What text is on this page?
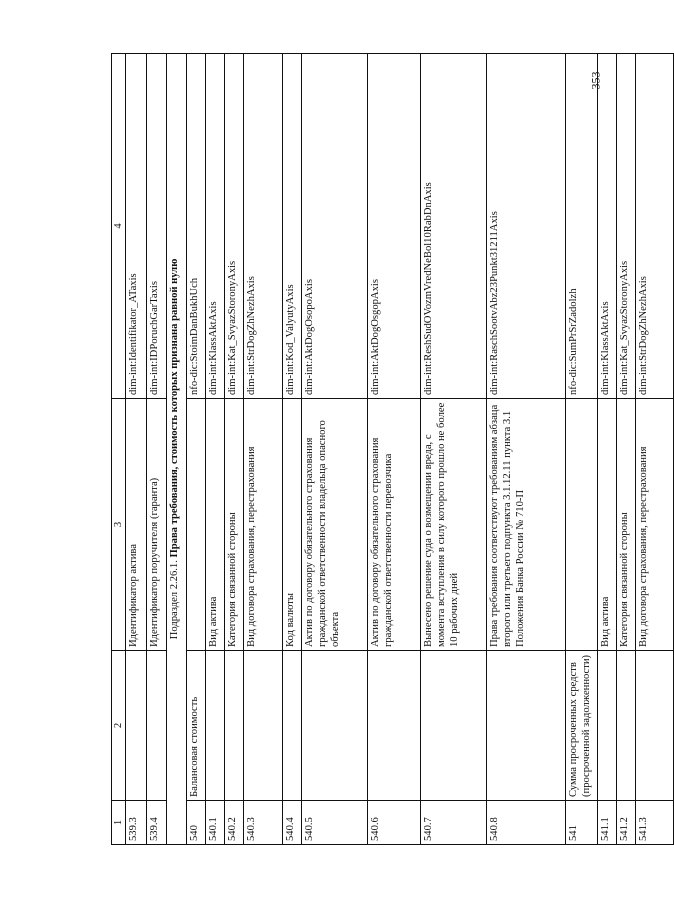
353
1	2	3	4
539.3		Идентификатор актива	dim-int:Identifikator_ATaxis
539.4		Идентификатор поручителя (гаранта)	dim-int:IDPoruchGarTaxis
Подраздел 2.26.1. Права требования, стоимость которых признана равной нулю			
540	Балансовая стоимость		nfo-dic:StoimDanBukhUch
540.1		Вид актива	dim-int:KlassAktAxis
540.2		Категория связанной стороны	dim-int:Kat_SvyazStoronyAxis
540.3		Вид договора страхования, перестрахования	dim-int:StrDogZhNezhAxis
540.4		Код валюты	dim-int:Kod_ValyutyAxis
540.5		Актив по договору обязательного страхования гражданской ответственности владельца опасного объекта	dim-int:AktDogOsopoAxis
540.6		Актив по договору обязательного страхования гражданской ответственности перевозчика	dim-int:AktDogOsgopAxis
540.7		Вынесено решение суда о возмещении вреда, с момента вступления в силу которого прошло не более 10 рабочих дней	dim-int:ReshSudOVozmVredNeBol10RabDnAxis
540.8		Права требования соответствуют требованиям абзаца второго или третьего подпункта 3.1.12.11 пункта 3.1 Положения Банка России № 710-П	dim-int:RaschSootvAbz23Punkt31211Axis
541	Сумма просроченных средств (просроченной задолженности)		nfo-dic:SumPrSrZadolzh
541.1		Вид актива	dim-int:KlassAktAxis
541.2		Категория связанной стороны	dim-int:Kat_SvyazStoronyAxis
541.3		Вид договора страхования, перестрахования	dim-int:StrDogZhNezhAxis
